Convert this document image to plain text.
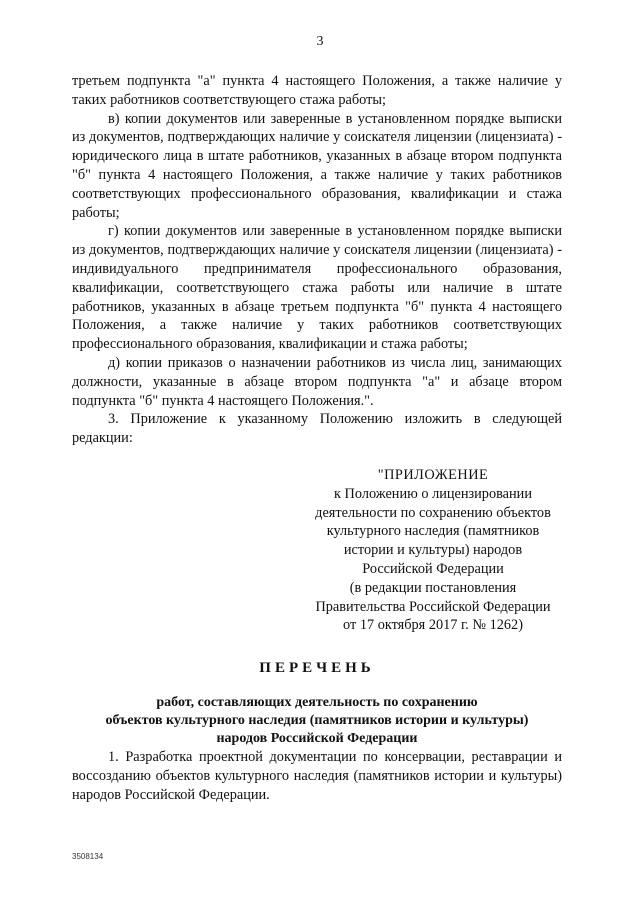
3

третьем подпункта "а" пункта 4 настоящего Положения, а также наличие у таких работников соответствующего стажа работы;

в) копии документов или заверенные в установленном порядке выписки из документов, подтверждающих наличие у соискателя лицензии (лицензиата) - юридического лица в штате работников, указанных в абзаце втором подпункта "б" пункта 4 настоящего Положения, а также наличие у таких работников соответствующих профессионального образования, квалификации и стажа работы;

г) копии документов или заверенные в установленном порядке выписки из документов, подтверждающих наличие у соискателя лицензии (лицензиата) - индивидуального предпринимателя профессионального образования, квалификации, соответствующего стажа работы или наличие в штате работников, указанных в абзаце третьем подпункта "б" пункта 4 настоящего Положения, а также наличие у таких работников соответствующих профессионального образования, квалификации и стажа работы;

д) копии приказов о назначении работников из числа лиц, занимающих должности, указанные в абзаце втором подпункта "а" и абзаце втором подпункта "б" пункта 4 настоящего Положения.".

3. Приложение к указанному Положению изложить в следующей редакции:

"ПРИЛОЖЕНИЕ
к Положению о лицензировании
деятельности по сохранению объектов
культурного наследия (памятников
истории и культуры) народов
Российской Федерации
(в редакции постановления
Правительства Российской Федерации
от 17 октября 2017 г. № 1262)
ПЕРЕЧЕНЬ
работ, составляющих деятельность по сохранению
объектов культурного наследия (памятников истории и культуры)
народов Российской Федерации

1. Разработка проектной документации по консервации, реставрации и воссозданию объектов культурного наследия (памятников истории и культуры) народов Российской Федерации.

3508134
